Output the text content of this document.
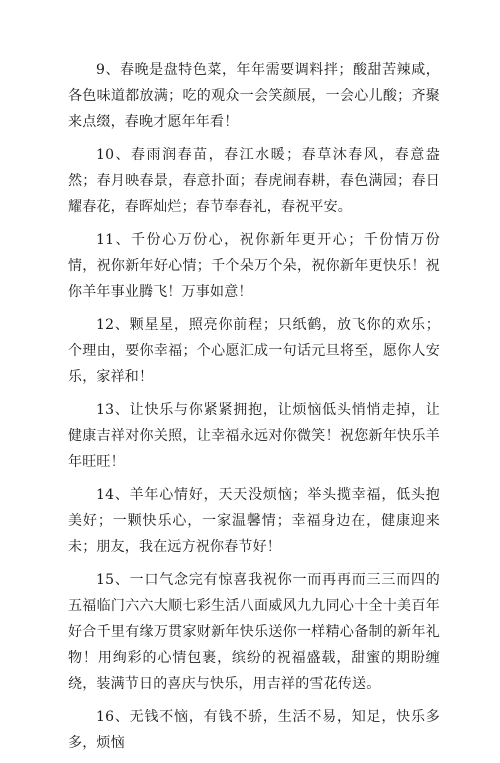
9、春晚是盘特色菜，年年需要调料拌；酸甜苦辣咸，各色味道都放满；吃的观众一会笑颜展，一会心儿酸；齐聚来点缀，春晚才愿年年看！

10、春雨润春苗，春江水暖；春草沐春风，春意盎然；春月映春景，春意扑面；春虎闹春耕，春色满园；春日耀春花，春晖灿烂；春节奉春礼，春祝平安。

11、千份心万份心，祝你新年更开心；千份情万份情，祝你新年好心情；千个朵万个朵，祝你新年更快乐！祝你羊年事业腾飞！万事如意！

12、颗星星，照亮你前程；只纸鹤，放飞你的欢乐；个理由，要你幸福；个心愿汇成一句话元旦将至，愿你人安乐，家祥和！

13、让快乐与你紧紧拥抱，让烦恼低头悄悄走掉，让健康吉祥对你关照，让幸福永远对你微笑！祝您新年快乐羊年旺旺！

14、羊年心情好，天天没烦恼；举头揽幸福，低头抱美好；一颗快乐心，一家温馨情；幸福身边在，健康迎来未；朋友，我在远方祝你春节好！

15、一口气念完有惊喜我祝你一而再再而三三而四的五福临门六六大顺七彩生活八面威风九九同心十全十美百年好合千里有缘万贯家财新年快乐送你一样精心备制的新年礼物！用绚彩的心情包裹，缤纷的祝福盛载，甜蜜的期盼缠绕，装满节日的喜庆与快乐，用吉祥的雪花传送。

16、无钱不恼，有钱不骄，生活不易，知足，快乐多多，烦恼
